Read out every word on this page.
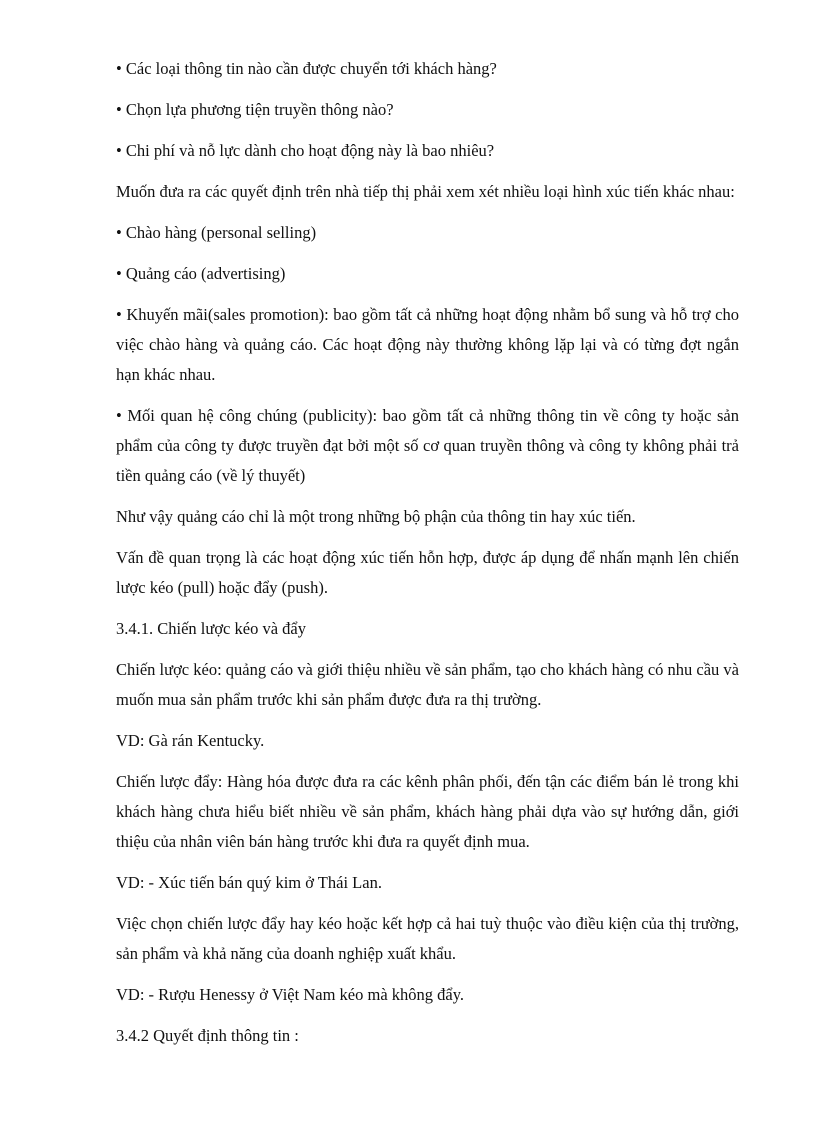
• Các loại thông tin nào cần được chuyển tới khách hàng?

• Chọn lựa phương tiện truyền thông nào?

• Chi phí và nỗ lực dành cho hoạt động này là bao nhiêu?

Muốn đưa ra các quyết định trên nhà tiếp thị phải xem xét nhiều loại hình xúc tiến khác nhau:

• Chào hàng (personal selling)

• Quảng cáo (advertising)

• Khuyến mãi(sales promotion): bao gồm tất cả những hoạt động nhằm bổ sung và hỗ trợ cho việc chào hàng và quảng cáo. Các hoạt động này thường không lặp lại và có từng đợt ngắn hạn khác nhau.

• Mối quan hệ công chúng (publicity): bao gồm tất cả những thông tin về công ty hoặc sản phẩm của công ty được truyền đạt bởi một số cơ quan truyền thông và công ty không phải trả tiền quảng cáo (về lý thuyết)

Như vậy quảng cáo chỉ là một trong những bộ phận của thông tin hay xúc tiến.

Vấn đề quan trọng là các hoạt động xúc tiến hỗn hợp, được áp dụng để nhấn mạnh lên chiến lược kéo (pull) hoặc đẩy (push).

3.4.1. Chiến lược kéo và đẩy

Chiến lược kéo: quảng cáo và giới thiệu nhiều về sản phẩm, tạo cho khách hàng có nhu cầu và muốn mua sản phẩm trước khi sản phẩm được đưa ra thị trường.

VD: Gà rán Kentucky.

Chiến lược đẩy: Hàng hóa được đưa ra các kênh phân phối, đến tận các điểm bán lẻ trong khi khách hàng chưa hiểu biết nhiều về sản phẩm, khách hàng phải dựa vào sự hướng dẫn, giới thiệu của nhân viên bán hàng trước khi đưa ra quyết định mua.

VD: - Xúc tiến bán quý kim ở Thái Lan.

Việc chọn chiến lược đẩy hay kéo hoặc kết hợp cả hai tuỳ thuộc vào điều kiện của thị trường, sản phẩm và khả năng của doanh nghiệp xuất khẩu.

VD: - Rượu Henessy ở Việt Nam kéo mà không đẩy.

3.4.2 Quyết định thông tin :
